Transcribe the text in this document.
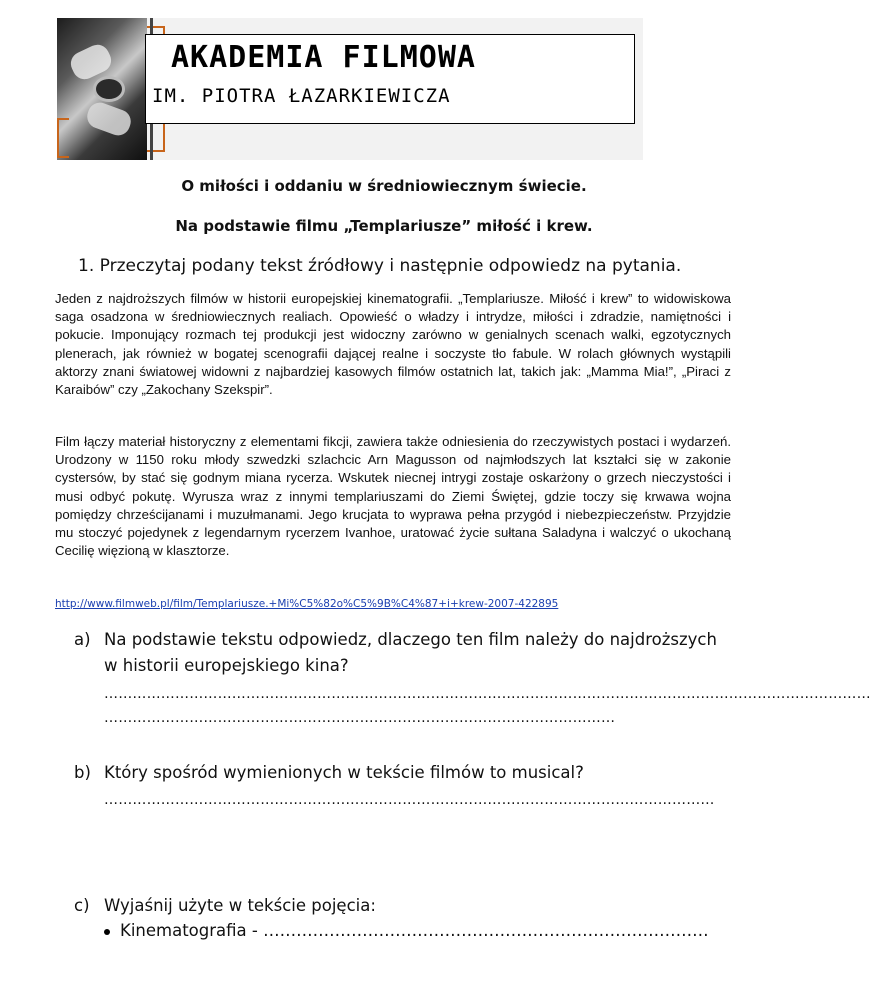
AKADEMIA FILMOWA
IM. PIOTRA ŁAZARKIEWICZA
O miłości i oddaniu w średniowiecznym świecie.
Na podstawie filmu „Templariusze” miłość i krew.
1. Przeczytaj podany tekst źródłowy i następnie odpowiedz na pytania.

Jeden z najdroższych filmów w historii europejskiej kinematografii. „Templariusze. Miłość i krew” to widowiskowa saga osadzona w średniowiecznych realiach. Opowieść o władzy i intrydze, miłości i zdradzie, namiętności i pokucie. Imponujący rozmach tej produkcji jest widoczny zarówno w genialnych scenach walki, egzotycznych plenerach, jak również w bogatej scenografii dającej realne i soczyste tło fabule. W rolach głównych wystąpili aktorzy znani światowej widowni z najbardziej kasowych filmów ostatnich lat, takich jak: „Mamma Mia!”, „Piraci z Karaibów” czy „Zakochany Szekspir”.

Film łączy materiał historyczny z elementami fikcji, zawiera także odniesienia do rzeczywistych postaci i wydarzeń. Urodzony w 1150 roku młody szwedzki szlachcic Arn Magusson od najmłodszych lat kształci się w zakonie cystersów, by stać się godnym miana rycerza. Wskutek niecnej intrygi zostaje oskarżony o grzech nieczystości i musi odbyć pokutę. Wyrusza wraz z innymi templariuszami do Ziemi Świętej, gdzie toczy się krwawa wojna pomiędzy chrześcijanami i muzułmanami. Jego krucjata to wyprawa pełna przygód i niebezpieczeństw. Przyjdzie mu stoczyć pojedynek z legendarnym rycerzem Ivanhoe, uratować życie sułtana Saladyna i walczyć o ukochaną Cecilię więzioną w klasztorze.

http://www.filmweb.pl/film/Templariusze.+Mi%C5%82o%C5%9B%C4%87+i+krew-2007-422895
a) Na podstawie tekstu odpowiedz, dlaczego ten film należy do najdroższych
w historii europejskiego kina?
………………………………………………………………………………………………………………………………………………
………………………………………………………………………………………………
b) Który spośród wymienionych w tekście filmów to musical?
…………………………………………………………………………………………………………………
c) Wyjaśnij użyte w tekście pojęcia:
Kinematografia - ………………………………………………………………………
